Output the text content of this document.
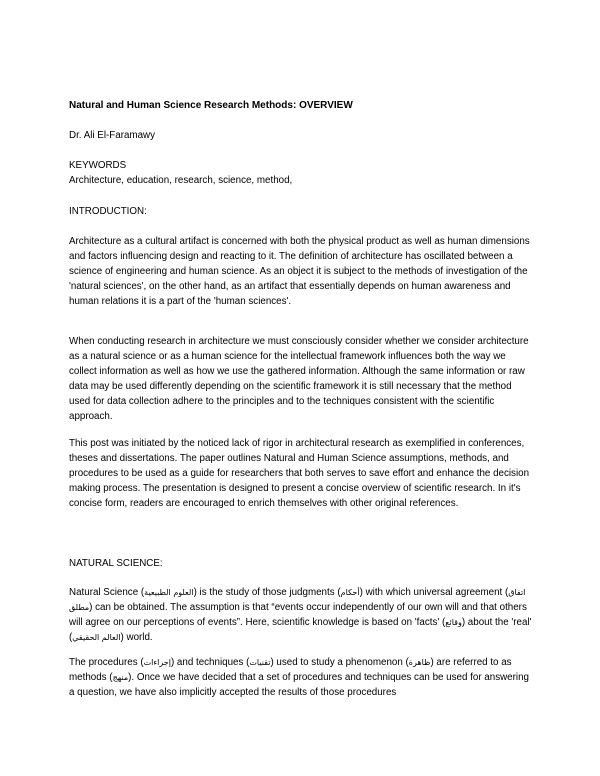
Natural and Human Science Research Methods: OVERVIEW

Dr. Ali El-Faramawy

KEYWORDS

Architecture, education, research, science, method,

INTRODUCTION:

Architecture as a cultural artifact is concerned with both the physical product as well as human dimensions and factors influencing design and reacting to it. The definition of architecture has oscillated between a science of engineering and human science. As an object it is subject to the methods of investigation of the 'natural sciences', on the other hand, as an artifact that essentially depends on human awareness and human relations it is a part of the 'human sciences'.

When conducting research in architecture we must consciously consider whether we consider architecture as a natural science or as a human science for the intellectual framework influences both the way we collect information as well as how we use the gathered information. Although the same information or raw data may be used differently depending on the scientific framework it is still necessary that the method used for data collection adhere to the principles and to the techniques consistent with the scientific approach.

This post was initiated by the noticed lack of rigor in architectural research as exemplified in conferences, theses and dissertations. The paper outlines Natural and Human Science assumptions, methods, and procedures to be used as a guide for researchers that both serves to save effort and enhance the decision making process. The presentation is designed to present a concise overview of scientific research. In it's concise form, readers are encouraged to enrich themselves with other original references.

NATURAL SCIENCE:

Natural Science (العلوم الطبيعية) is the study of those judgments (أحكام) with which universal agreement (اتفاق مطلق) can be obtained. The assumption is that “events occur independently of our own will and that others will agree on our perceptions of events”. Here, scientific knowledge is based on 'facts' (وقائع) about the 'real' (العالم الحقيقي) world.

The procedures (إجراءات) and techniques (تقنيات) used to study a phenomenon (ظاهرة) are referred to as methods (منهج). Once we have decided that a set of procedures and techniques can be used for answering a question, we have also implicitly accepted the results of those procedures
